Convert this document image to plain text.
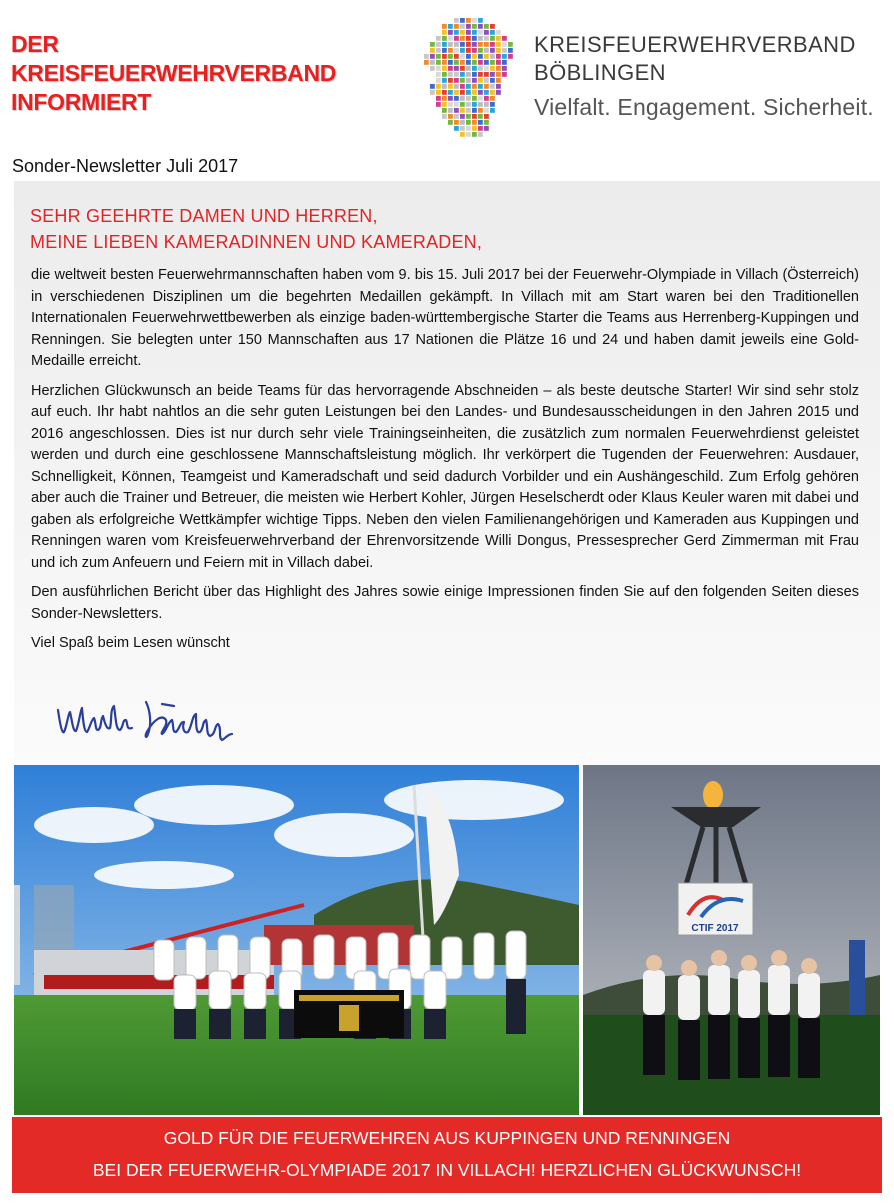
DER
KREISFEUERWEHRVERBAND
INFORMIERT
KREISFEUERWEHRVERBAND
BÖBLINGEN
Vielfalt. Engagement. Sicherheit.
Sonder-Newsletter Juli 2017
SEHR GEEHRTE DAMEN UND HERREN,
MEINE LIEBEN KAMERADINNEN UND KAMERADEN,

die weltweit besten Feuerwehrmannschaften haben vom 9. bis 15. Juli 2017 bei der Feuerwehr-Olympiade in Villach (Österreich) in verschiedenen Disziplinen um die begehrten Medaillen gekämpft. In Villach mit am Start waren bei den Traditionellen Internationalen Feuerwehrwettbewerben als einzige baden-württembergische Starter die Teams aus Herrenberg-Kuppingen und Renningen. Sie belegten unter 150 Mannschaften aus 17 Nationen die Plätze 16 und 24 und haben damit jeweils eine Gold-Medaille erreicht.

Herzlichen Glückwunsch an beide Teams für das hervorragende Abschneiden – als beste deutsche Starter! Wir sind sehr stolz auf euch. Ihr habt nahtlos an die sehr guten Leistungen bei den Landes- und Bundesausscheidungen in den Jahren 2015 und 2016 angeschlossen. Dies ist nur durch sehr viele Trainingseinheiten, die zusätzlich zum normalen Feuerwehrdienst geleistet werden und durch eine geschlossene Mannschaftsleistung möglich. Ihr verkörpert die Tugenden der Feuerwehren: Ausdauer, Schnelligkeit, Können, Teamgeist und Kameradschaft und seid dadurch Vorbilder und ein Aushängeschild. Zum Erfolg gehören aber auch die Trainer und Betreuer, die meisten wie Herbert Kohler, Jürgen Heselscherdt oder Klaus Keuler waren mit dabei und gaben als erfolgreiche Wettkämpfer wichtige Tipps. Neben den vielen Familienangehörigen und Kameraden aus Kuppingen und Renningen waren vom Kreisfeuerwehrverband der Ehrenvorsitzende Willi Dongus, Pressesprecher Gerd Zimmerman mit Frau und ich zum Anfeuern und Feiern mit in Villach dabei.

Den ausführlichen Bericht über das Highlight des Jahres sowie einige Impressionen finden Sie auf den folgenden Seiten dieses Sonder-Newsletters.

Viel Spaß beim Lesen wünscht

CTIF 2017
GOLD FÜR DIE FEUERWEHREN AUS KUPPINGEN UND RENNINGEN
BEI DER FEUERWEHR-OLYMPIADE 2017 IN VILLACH! HERZLICHEN GLÜCKWUNSCH!
